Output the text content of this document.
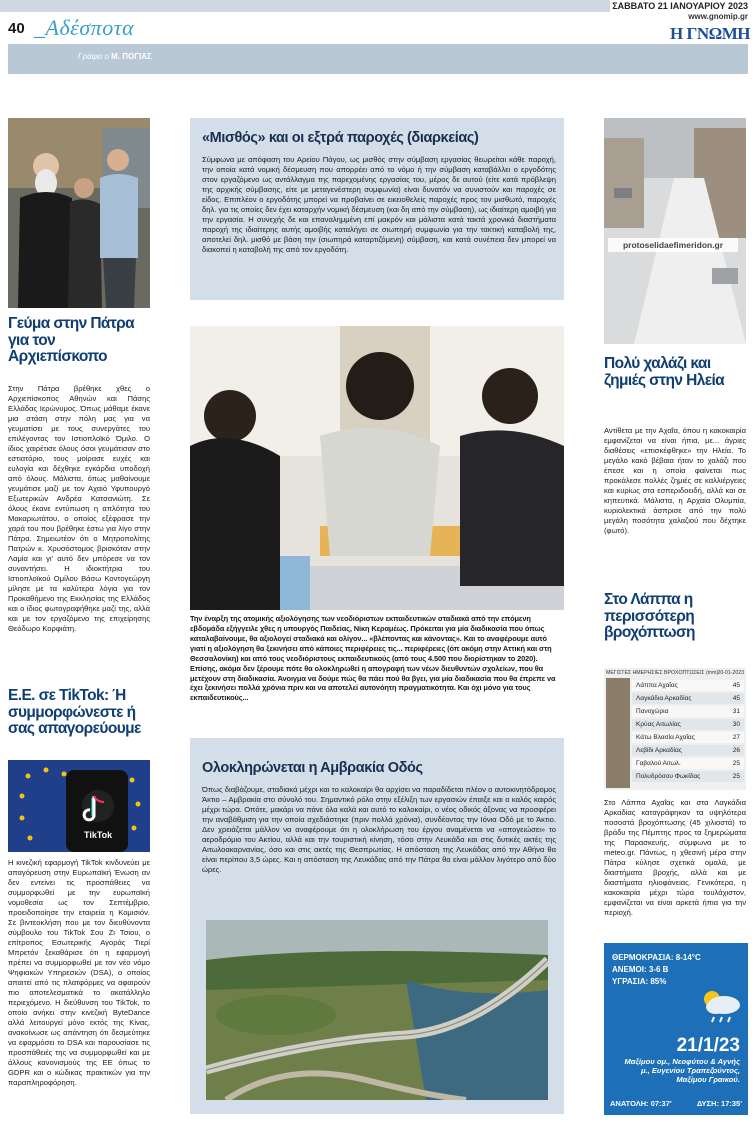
ΣΑΒΒΑΤΟ 21 ΙΑΝΟΥΑΡΙΟΥ 2023
www.gnomip.gr
Η ΓΝΩΜΗ
40 _Αδέσποτα
Γράφει ο Μ. ΠΟΓΙΑΣ
Γεύμα στην Πάτρα για τον Αρχιεπίσκοπο
Στην Πάτρα βρέθηκε χθες ο Αρχιεπίσκοπος Αθηνών και Πάσης Ελλάδας Ιερώνυμος. Όπως μάθαμε έκανε μια στάση στην πόλη μας για να γευματίσει με τους συνεργάτες του επιλέγοντας τον Ιστιοπλοϊκό Όμιλο. Ο ίδιος χαιρέτισε όλους όσοι γευμάτισαν στο εστιατόριο, τους μοίρασε ευχές και ευλογία και δέχθηκε εγκάρδια υποδοχή από όλους. Μάλιστα, όπως μαθαίνουμε γευμάτισε μαζί με τον Αχαιό Υφυπουργό Εξωτερικών Ανδρέα Κατσανιώτη. Σε όλους έκανε εντύπωση η απλότητα του Μακαριωτάτου, ο οποίος εξέφρασε την χαρά του που βρέθηκε έστω για λίγο στην Πάτρα. Σημειωτέον ότι ο Μητροπολίτης Πατρών κ. Χρυσόστομος βρισκόταν στην Λαμία και γι' αυτό δεν μπόρεσε να τον συναντήσει. Η ιδιοκτήτρια του Ιστιοπλοϊκού Ομίλου Βάσω Κοντογεώργη μίλησε με τα καλύτερα λόγια για τον Προκαθήμενο της Εκκλησίας της Ελλάδος και ο ίδιος φωτογραφήθηκε μαζί της, αλλά και με τον εργαζόμενο της επιχείρησης Θεόδωρο Κορφιάτη.
Ε.Ε. σε TikTok: Ή συμμορφώνεστε ή σας απαγορεύουμε
TikTok
Η κινεζική εφαρμογή TikTok κινδυνεύει με απαγόρευση στην Ευρωπαϊκή Ένωση αν δεν εντείνει τις προσπάθειες να συμμορφωθεί με την ευρωπαϊκή νομοθεσία ως τον Σεπτέμβριο, προειδοποίησε την εταιρεία η Κομισιόν. Σε βιντεοκλήση που με τον διευθύνοντα σύμβουλο του TikTok Σου Ζι Τσιου, ο επίτροπος Εσωτερικής Αγοράς Τιερί Μπρετόν ξεκαθάρισε ότι η εφαρμογή πρέπει να συμμορφωθεί με τον νέο νόμο Ψηφιακών Υπηρεσιών (DSA), ο οποίος απαιτεί από τις πλατφόρμες να αφαιρούν πιο αποτελεσματικά το ακατάλληλο περιεχόμενο. Η διεύθυνση του TikTok, το οποίο ανήκει στην κινεζική ByteDance αλλά λειτουργεί μόνο εκτός της Κίνας, ανακοίνωσε ως απάντηση ότι δεσμεύτηκε να εφαρμόσει το DSA και παρουσίασε τις προσπάθειές της να συμμορφωθεί και με άλλους κανονισμούς της ΕΕ όπως το GDPR και ο κώδικας πρακτικών για την παραπληροφόρηση.
«Μισθός» και οι εξτρά παροχές (διαρκείας)
Σύμφωνα με απόφαση του Αρείου Πάγου, ως μισθός στην σύμβαση εργασίας θεωρείται κάθε παροχή, την οποία κατά νομική δέσμευση που απορρέει από το νόμο ή την σύμβαση καταβάλλει ο εργοδότης στον εργαζόμενο ως αντάλλαγμα της παρεχομένης εργασίας του, μέρος δε αυτού (είτε κατά πρόβλεψη της αρχικής σύμβασης, είτε με μεταγενέστερη συμφωνία) είναι δυνατόν να συνιστούν και παροχές σε είδος. Επιπλέον ο εργοδότης μπορεί να προβαίνει σε εικειοθελείς παροχές προς τον μισθωτό, παροχές δηλ. για τις οποίες δεν έχει καταρχήν νομική δέσμευση (και δη από την σύμβαση), ως ιδιαίτερη αμοιβή για την εργασία. Η συνεχής δε και επαναλημμένη επί μακρόν και μάλιστα κατά τακτά χρονικά διαστήματα παροχή της ιδιαίτερης αυτής αμοιβής καταλήγει σε σιωπηρή συμφωνία για την τακτική καταβολή της, αποτελεί δηλ. μισθό με βάση την (σιωπηρά καταρτιζόμενη) σύμβαση, και κατά συνέπεια δεν μπορεί να διακοπεί η καταβολή της από τον εργοδότη.
Την έναρξη της ατομικής αξιολόγησης των νεοδιόριστων εκπαιδευτικών σταδιακά από την επόμενη εβδομάδα εξήγγειλε χθες η υπουργός Παιδείας, Νίκη Κεραμέως. Πρόκειται για μία διαδικασία που όπως καταλαβαίνουμε, θα αξιολογεί σταδιακά και ολίγον... «βλέποντας και κάνοντας». Και το αναφέρουμε αυτό γιατί η αξιολόγηση θα ξεκινήσει από κάποιες περιφέρειες τις... περιφέρειες (όπ ακόμη στην Αττική και στη Θεσσαλονίκη) και από τους νεοδιόριστους εκπαιδευτικούς (από τους 4.500 που διορίστηκαν το 2020). Επίσης, ακόμα δεν ξέρουμε πότε θα ολοκληρωθεί η απογραφή των νέων διευθυντών σχολείων, που θα μετέχουν στη διαδικασία. Άνοιγμα να δούμε πώς θα πάει πού θα βγει, για μία διαδικασία που θα έπρεπε να έχει ξεκινήσει πολλά χρόνια πριν και να αποτελεί αυτονόητη πραγματικότητα. Και όχι μόνο για τους εκπαιδευτικούς...
Ολοκληρώνεται η Αμβρακία Οδός
Όπως διαβάζουμε, σταδιακά μέχρι και το καλοκαίρι θα αρχίσει να παραδίδεται πλέον ο αυτοκινητόδρομος Άκτιο – Αμβρακία στο σύνολό του. Σημαντικό ρόλο στην εξέλιξη των εργασιών έπαιξε και ο καλός καιρός μέχρι τώρα. Οπότε, μακάρι να πάνε όλα καλά και αυτό το καλοκαίρι, ο νέος οδικός άξονας να προσφέρει την αναβάθμιση για την οποία σχεδιάστηκε (πριν πολλά χρόνια), συνδέοντας την Ιόνια Οδό με το Άκτιο. Δεν χρειάζεται μάλλον να αναφέρουμε ότι η ολοκλήρωση του έργου αναμένεται να «απογειώσει» το αεροδρόμιο του Ακτίου, αλλά και την τουριστική κίνηση, τόσο στην Λευκάδα και στις δυτικές ακτές της Αιτωλοακαρνανίας, όσο και στις ακτές της Θεσπρωτίας. Η απόσταση της Λευκάδας από την Αθήνα θα είναι περίπου 3,5 ώρες. Και η απόσταση της Λευκάδας από την Πάτρα θα είναι μάλλον λιγότερο από δύο ώρες.
protoselidaefimeridon.gr
Πολύ χαλάζι και ζημιές στην Ηλεία
Αντίθετα με την Αχαΐα, όπου η κακοκαιρία εμφανίζεται να είναι ήπια, με... άγριες διαθέσεις «επισκέφθηκε» την Ηλεία. Το μεγάλο κακό βέβαια ήταν το χαλάζι που έπεσε και η οποία φαίνεται πως προκάλεσε πολλές ζημιές σε καλλιέργειες και κυρίως στα εσπεριδοειδή, αλλά και σε κηπευτικά. Μάλιστα, η Αρχαία Ολυμπία, κυριολεκτικά άσπρισε από την πολύ μεγάλη ποσότητα χαλαζιού που δέχτηκε (φωτό).
Στο Λάππα η περισσότερη βροχόπτωση
ΜΕΓΙΣΤΕΣ ΗΜΕΡΗΣΙΕΣ ΒΡΟΧΟΠΤΩΣΕΙΣ (mm) 20-01-2023
Λάππα Αχαΐας	45
Λαγκάδια Αρκαδίας	45
Πανοχώρια	31
Κρύας Αιτωλίας	30
Κάτω Βλασία Αχαΐας	27
Λεβίδι Αρκαδίας	26
Γαβαλού Αιτωλ.	25
Πολυδρόσου Φωκίδας	25
Στο Λάππα Αχαΐας και στα Λαγκάδια Αρκαδίας καταγράφηκαν τα υψηλότερα ποσοστά βροχόπτωσης (45 χιλιοστά) το βράδυ της Πέμπτης προς τα ξημερώματα της Παρασκευής, σύμφωνα με το meteo.gr. Πάντως, η χθεσινή μέρα στην Πάτρα κύλησε σχετικά ομαλά, με διαστήματα βροχής, αλλά και με διαστήματα ηλιοφάνειας. Γενικότερα, η κακοκαιρία μέχρι τώρα τουλάχιστον, εμφανίζεται να είναι αρκετά ήπια για την περιοχή.
ΘΕΡΜΟΚΡΑΣΙΑ: 8-14°C
ΑΝΕΜΟΙ: 3-6 Β
ΥΓΡΑΣΙΑ: 85%
21/1/23
Μαξίμου ομ., Νεοφύτου & Αγνής μ., Ευγενίου Τραπεζούντος, Μαξίμου Γραικού.
ΑΝΑΤΟΛΗ: 07:37'	ΔΥΣΗ: 17:35'
